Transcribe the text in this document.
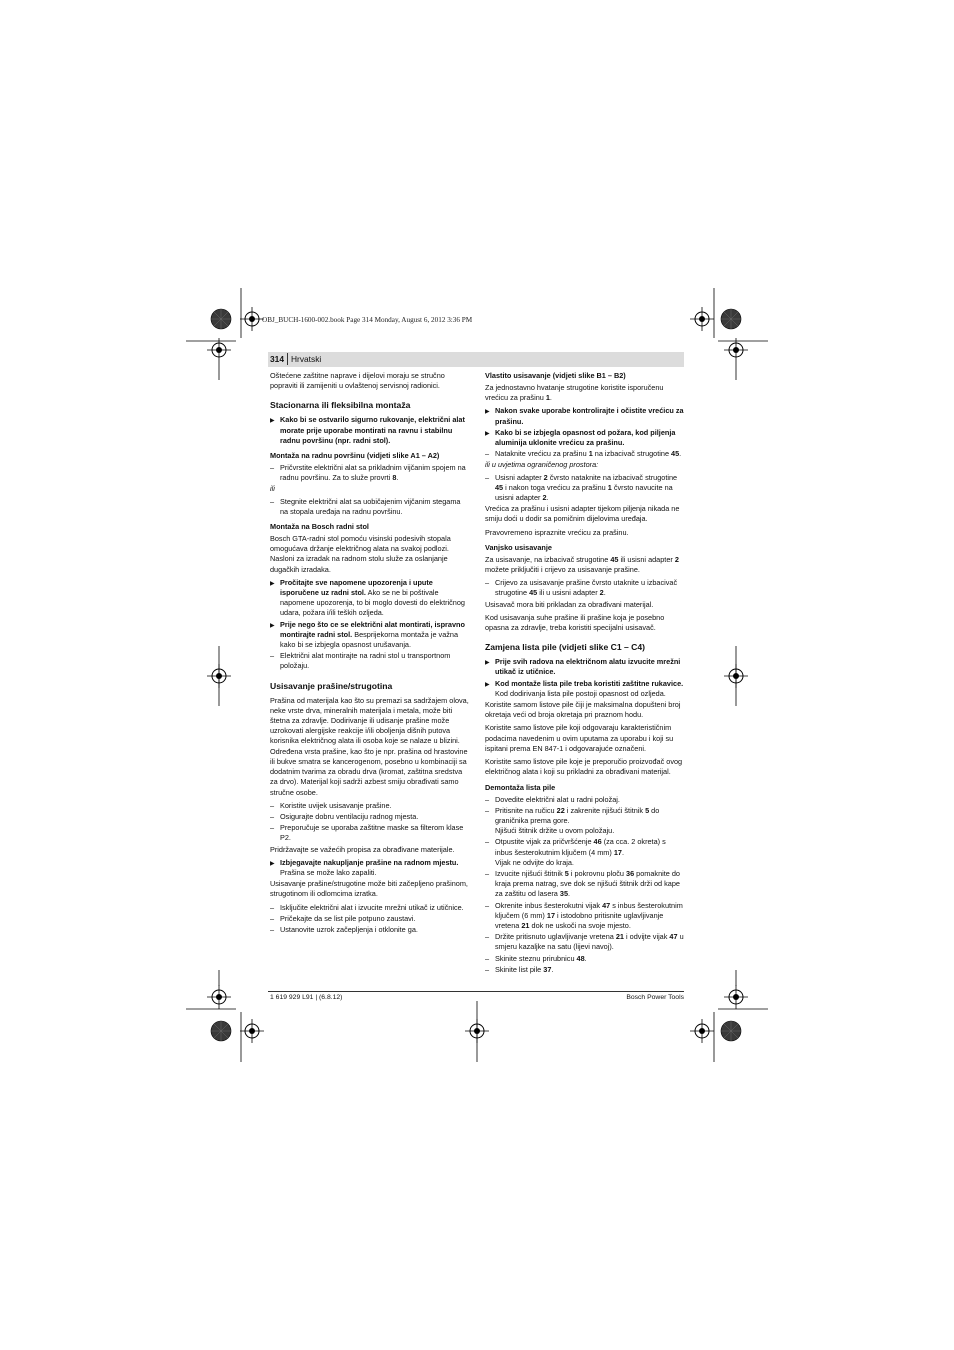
OBJ_BUCH-1600-002.book Page 314 Monday, August 6, 2012 3:36 PM
314 Hrvatski

Oštećene zaštitne naprave i dijelovi moraju se stručno popraviti ili zamijeniti u ovlaštenoj servisnoj radionici.

Stacionarna ili fleksibilna montaža
▶ Kako bi se ostvarilo sigurno rukovanje, električni alat morate prije uporabe montirati na ravnu i stabilnu radnu površinu (npr. radni stol).
Montaža na radnu površinu (vidjeti slike A1 – A2)
– Pričvrstite električni alat sa prikladnim vijčanim spojem na radnu površinu. Za to služe provrti 8.

ili

– Stegnite električni alat sa uobičajenim vijčanim stegama na stopala uređaja na radnu površinu.
Montaža na Bosch radni stol

Bosch GTA-radni stol pomoću visinski podesivih stopala omogućava držanje električnog alata na svakoj podlozi. Nasloni za izradak na radnom stolu služe za oslanjanje dugačkih izradaka.

▶ Pročitajte sve napomene upozorenja i upute isporučene uz radni stol. Ako se ne bi poštivale napomene upozorenja, to bi moglo dovesti do električnog udara, požara i/ili teških ozljeda.
▶ Prije nego što ce se električni alat montirati, ispravno montirajte radni stol. Besprijekorna montaža je važna kako bi se izbjegla opasnost urušavanja.
– Električni alat montirajte na radni stol u transportnom položaju.
Usisavanje prašine/strugotina

Prašina od materijala kao što su premazi sa sadržajem olova, neke vrste drva, mineralnih materijala i metala, može biti štetna za zdravlje. Dodirivanje ili udisanje prašine može uzrokovati alergijske reakcije i/ili oboljenja dišnih putova korisnika električnog alata ili osoba koje se nalaze u blizini. Određena vrsta prašine, kao što je npr. prašina od hrastovine ili bukve smatra se kancerogenom, posebno u kombinaciji sa dodatnim tvarima za obradu drva (kromat, zaštitna sredstva za drvo). Materijal koji sadrži azbest smiju obrađivati samo stručne osobe.

– Koristite uvijek usisavanje prašine.
– Osigurajte dobru ventilaciju radnog mjesta.
– Preporučuje se uporaba zaštitne maske sa filterom klase P2.

Pridržavajte se važećih propisa za obrađivane materijale.

▶ Izbjegavajte nakupljanje prašine na radnom mjestu. Prašina se može lako zapaliti.

Usisavanje prašine/strugotine može biti začepljeno prašinom, strugotinom ili odlomcima izratka.

– Isključite električni alat i izvucite mrežni utikač iz utičnice.
– Pričekajte da se list pile potpuno zaustavi.
– Ustanovite uzrok začepljenja i otklonite ga.
Vlastito usisavanje (vidjeti slike B1 – B2)

Za jednostavno hvatanje strugotine koristite isporučenu vrećicu za prašinu 1.

▶ Nakon svake uporabe kontrolirajte i očistite vrećicu za prašinu.
▶ Kako bi se izbjegla opasnost od požara, kod piljenja aluminija uklonite vrećicu za prašinu.
– Nataknite vrećicu za prašinu 1 na izbacivač strugotine 45.

ili u uvjetima ograničenog prostora:

– Usisni adapter 2 čvrsto nataknite na izbacivač strugotine 45 i nakon toga vrećicu za prašinu 1 čvrsto navucite na usisni adapter 2.

Vrećica za prašinu i usisni adapter tijekom piljenja nikada ne smiju doći u dodir sa pomičnim dijelovima uređaja.

Pravovremeno ispraznite vrećicu za prašinu.

Vanjsko usisavanje

Za usisavanje, na izbacivač strugotine 45 ili usisni adapter 2 možete priključiti i crijevo za usisavanje prašine.

– Crijevo za usisavanje prašine čvrsto utaknite u izbacivač strugotine 45 ili u usisni adapter 2.

Usisavač mora biti prikladan za obrađivani materijal.

Kod usisavanja suhe prašine ili prašine koja je posebno opasna za zdravlje, treba koristiti specijalni usisavač.

Zamjena lista pile (vidjeti slike C1 – C4)
▶ Prije svih radova na električnom alatu izvucite mrežni utikač iz utičnice.
▶ Kod montaže lista pile treba koristiti zaštitne rukavice. Kod dodirivanja lista pile postoji opasnost od ozljeda.

Koristite samom listove pile čiji je maksimalna dopušteni broj okretaja veći od broja okretaja pri praznom hodu.

Koristite samo listove pile koji odgovaraju karakterističnim podacima navedenim u ovim uputama za uporabu i koji su ispitani prema EN 847-1 i odgovarajuće označeni.

Koristite samo listove pile koje je preporučio proizvođač ovog električnog alata i koji su prikladni za obrađivani materijal.

Demontaža lista pile
– Dovedite električni alat u radni položaj.
– Pritisnite na ručicu 22 i zakrenite njišući štitnik 5 do graničnika prema gore.
Njišući štitnik držite u ovom položaju.
– Otpustite vijak za pričvršćenje 46 (za cca. 2 okreta) s inbus šesterokutnim ključem (4 mm) 17.
Vijak ne odvijte do kraja.
– Izvucite njišući štitnik 5 i pokrovnu ploču 36 pomaknite do kraja prema natrag, sve dok se njišući štitnik drži od kape za zaštitu od lasera 35.
– Okrenite inbus šesterokutni vijak 47 s inbus šesterokutnim ključem (6 mm) 17 i istodobno pritisnite uglavljivanje vretena 21 dok ne uskoči na svoje mjesto.
– Držite pritisnuto uglavljivanje vretena 21 i odvijte vijak 47 u smjeru kazaljke na satu (lijevi navoj).
– Skinite steznu prirubnicu 48.
– Skinite list pile 37.
1 619 929 L91 | (6.8.12)	Bosch Power Tools
